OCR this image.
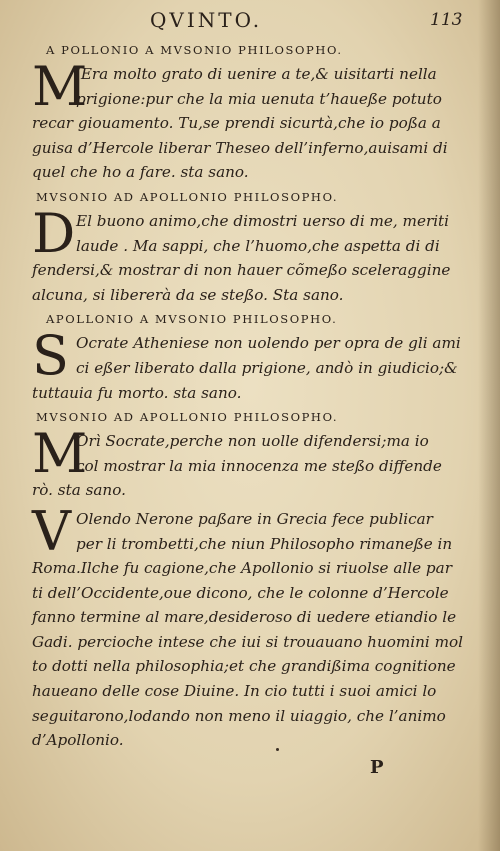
QVINTO.	113
A POLLONIO A MVSONIO PHILOSOPHO.
M
’Era molto grato di uenire a te,& uisitarti nella
prigione:pur che la mia uenuta t’haueße potuto
recar giouamento. Tu,se prendi sicurtà,che io poßa a
guisa d’Hercole liberar Theseo dell’inferno,auisami di
quel che ho a fare. sta sano.
MVSONIO AD APOLLONIO PHILOSOPHO.
D El buono animo,che dimostri uerso di me, meriti
laude . Ma sappi, che l’huomo,che aspetta di di
fendersi,& mostrar di non hauer cõmeßo sceleraggine
alcuna, si libererà da se steßo. Sta sano.
APOLLONIO A MVSONIO PHILOSOPHO.
S Ocrate Atheniese non uolendo per opra de gli ami
ci eßer liberato dalla prigione, andò in giudicio;&
tuttauia fu morto. sta sano.
MVSONIO AD APOLLONIO PHILOSOPHO.
M
Orì Socrate,perche non uolle difendersi;ma io
col mostrar la mia innocenza me steßo diffende
rò. sta sano.
V Olendo Nerone paßare in Grecia fece publicar
per li trombetti,che niun Philosopho rimaneße in
Roma.Ilche fu cagione,che Apollonio si riuolse alle par
ti dell’Occidente,oue dicono, che le colonne d’Hercole
fanno termine al mare,desideroso di uedere etiandio le
Gadi. percioche intese che iui si trouauano huomini mol
to dotti nella philosophia;et che grandißima cognitione
haueano delle cose Diuine. In cio tutti i suoi amici lo
seguitarono,lodando non meno il uiaggio, che l’animo
d’Apollonio.
P
